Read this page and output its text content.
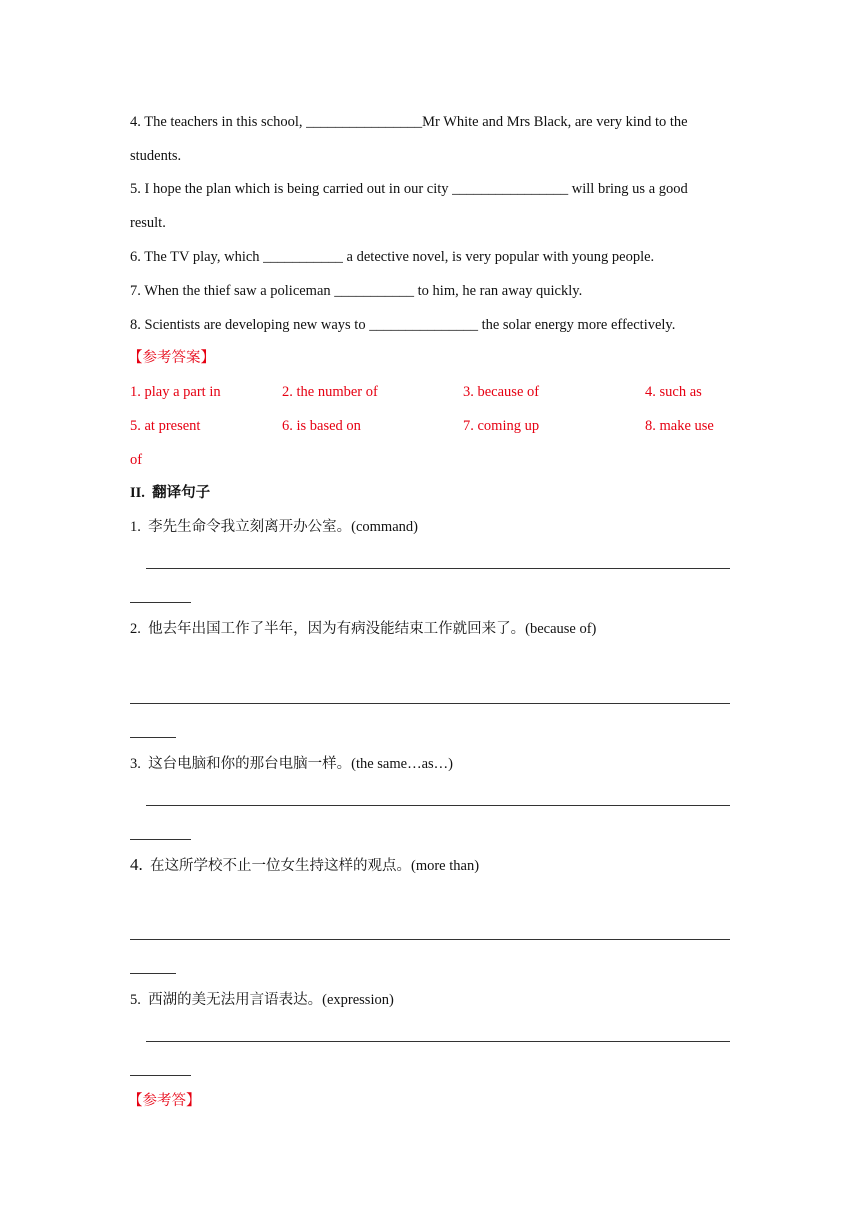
4. The teachers in this school, ________________Mr White and Mrs Black, are very kind to the
students.
5. I hope the plan which is being carried out in our city ________________ will bring us a good
result.
6. The TV play, which ___________ a detective novel, is very popular with young people.
7. When the thief saw a policeman ___________ to him, he ran away quickly.
8. Scientists are developing new ways to _______________ the solar energy more effectively.
【参考答案】
1. play a part in	2. the number of	3. because of	4. such as
5. at present	6. is based on	7. coming up	8. make use
of
II. 翻译句子
1. 李先生命令我立刻离开办公室。(command)
2. 他去年出国工作了半年，因为有病没能结束工作就回来了。(because of)
3. 这台电脑和你的那台电脑一样。(the same…as…)
4. 在这所学校不止一位女生持这样的观点。(more than)
5. 西湖的美无法用言语表达。(expression)
【参考答】
